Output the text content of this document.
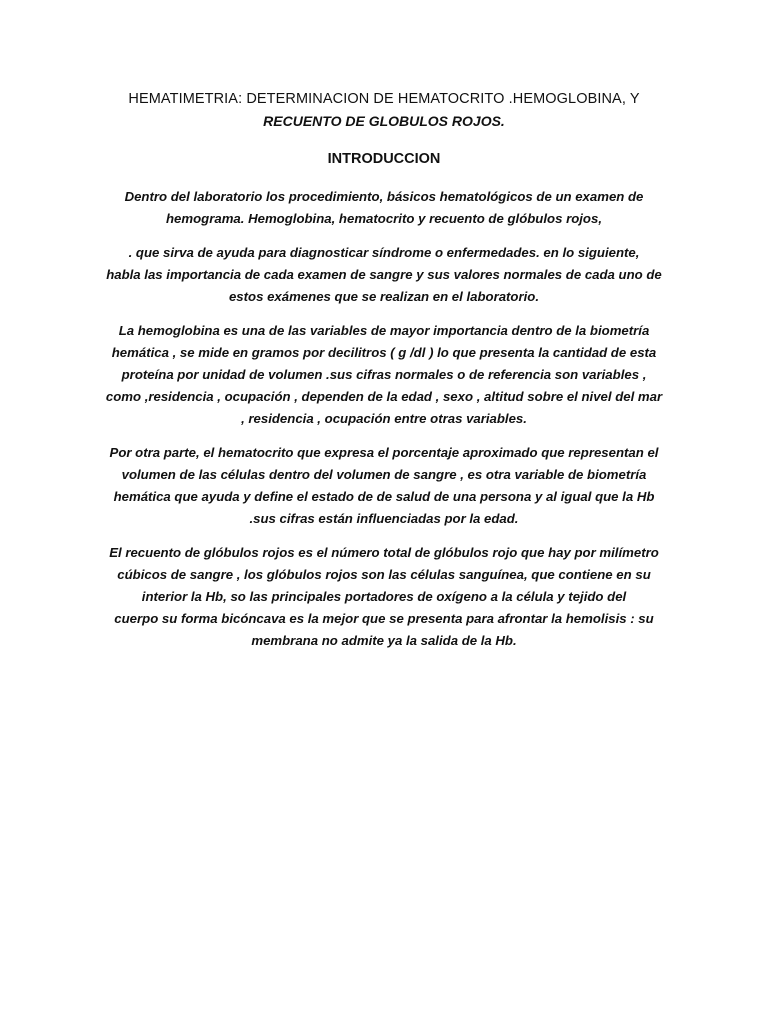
HEMATIMETRIA: DETERMINACION DE HEMATOCRITO .HEMOGLOBINA, Y

RECUENTO DE GLOBULOS ROJOS.

INTRODUCCION

Dentro del laboratorio los procedimiento, básicos hematológicos de un examen de
hemograma. Hemoglobina, hematocrito y recuento de glóbulos rojos,

. que sirva de ayuda para diagnosticar síndrome o enfermedades. en lo siguiente,
habla las importancia de cada examen de sangre y sus valores normales de cada uno de
estos exámenes que se realizan en el laboratorio.

La hemoglobina es una de las variables de mayor importancia dentro de la biometría
hemática , se mide en gramos por decilitros ( g /dl ) lo que presenta la cantidad de esta
proteína por unidad de volumen .sus cifras normales o de referencia son variables ,
como ,residencia , ocupación , dependen de la edad , sexo , altitud sobre el nivel del mar
, residencia , ocupación entre otras variables.

Por otra parte, el hematocrito que expresa el porcentaje aproximado que representan el
volumen de las células dentro del volumen de sangre , es otra variable de biometría
hemática que ayuda y define el estado de de salud de una persona y al igual que la Hb
.sus cifras están influenciadas por la edad.

El recuento de glóbulos rojos es el número total de glóbulos rojo que hay por milímetro
cúbicos de sangre , los glóbulos rojos son las células sanguínea, que contiene en su
interior la Hb, so las principales portadores de oxígeno a la célula y tejido del
cuerpo su forma bicóncava es la mejor que se presenta para afrontar la hemolisis : su
membrana no admite ya la salida de la Hb.
